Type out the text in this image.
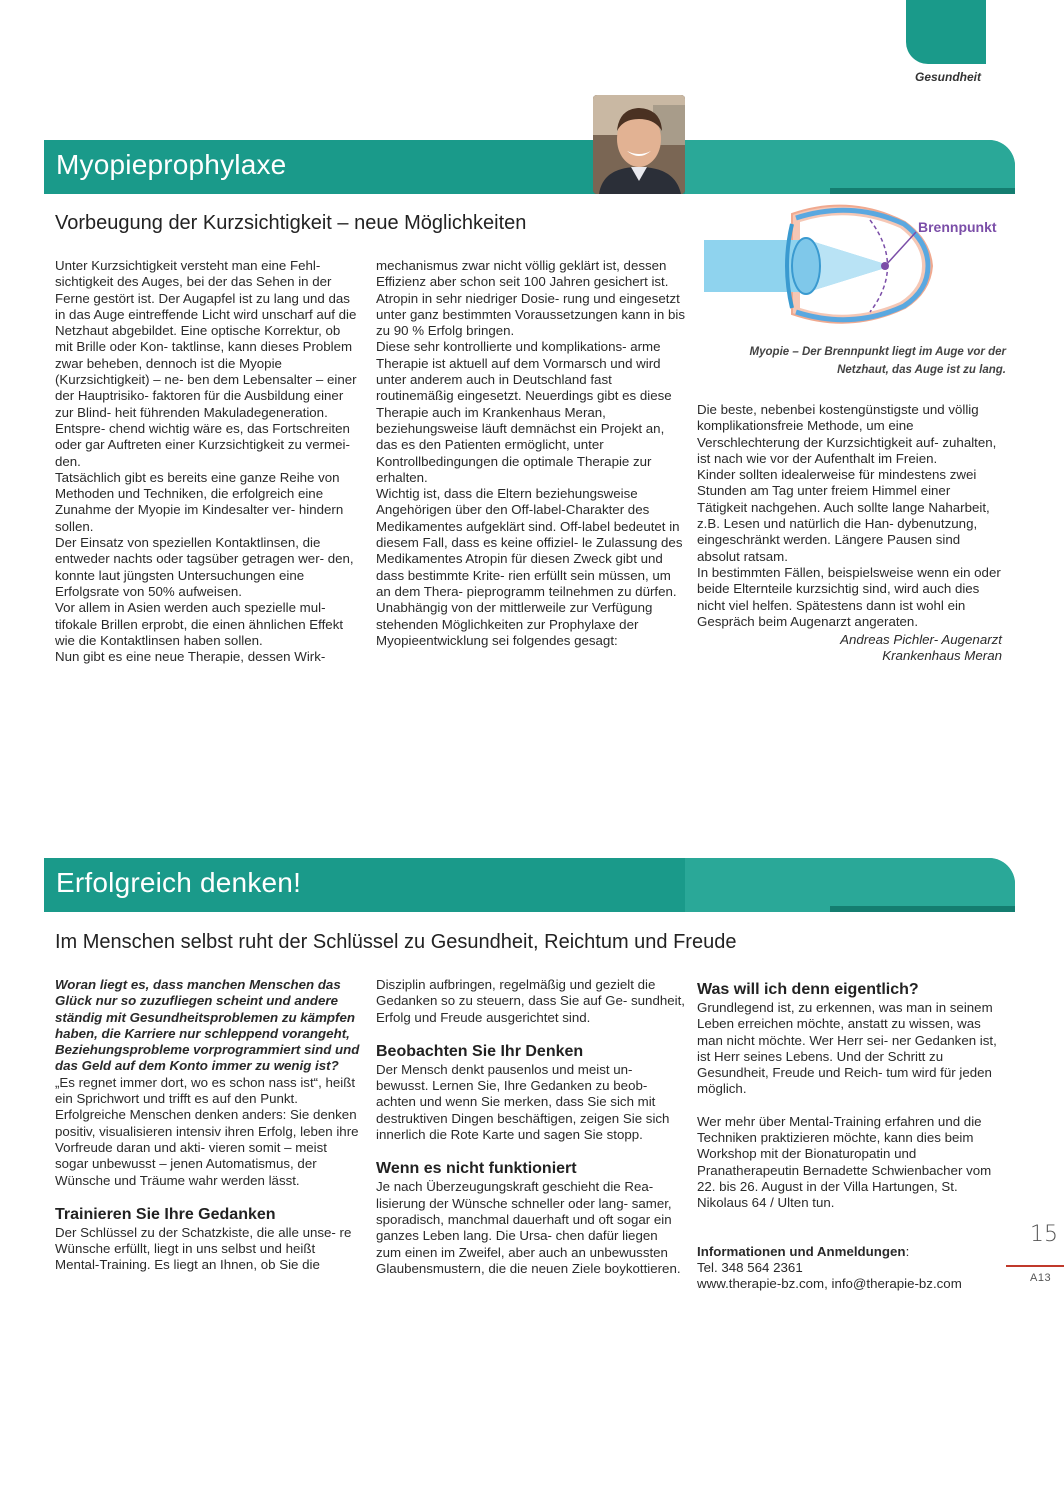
Gesundheit
Myopieprophylaxe
Vorbeugung der Kurzsichtigkeit – neue Möglichkeiten

Unter Kurzsichtigkeit versteht man eine Fehl- sichtigkeit des Auges, bei der das Sehen in der Ferne gestört ist. Der Augapfel ist zu lang und das in das Auge eintreffende Licht wird unscharf auf die Netzhaut abgebildet. Eine optische Korrektur, ob mit Brille oder Kon- taktlinse, kann dieses Problem zwar beheben, dennoch ist die Myopie (Kurzsichtigkeit) – ne- ben dem Lebensalter – einer der Hauptrisiko- faktoren für die Ausbildung einer zur Blind- heit führenden Makuladegeneration. Entspre- chend wichtig wäre es, das Fortschreiten oder gar Auftreten einer Kurzsichtigkeit zu vermei- den.

Tatsächlich gibt es bereits eine ganze Reihe von Methoden und Techniken, die erfolgreich eine Zunahme der Myopie im Kindesalter ver- hindern sollen.

Der Einsatz von speziellen Kontaktlinsen, die entweder nachts oder tagsüber getragen wer- den, konnte laut jüngsten Untersuchungen eine Erfolgsrate von 50% aufweisen.

Vor allem in Asien werden auch spezielle mul- tifokale Brillen erprobt, die einen ähnlichen Effekt wie die Kontaktlinsen haben sollen.

Nun gibt es eine neue Therapie, dessen Wirk-

mechanismus zwar nicht völlig geklärt ist, dessen Effizienz aber schon seit 100 Jahren gesichert ist. Atropin in sehr niedriger Dosie- rung und eingesetzt unter ganz bestimmten Voraussetzungen kann in bis zu 90 % Erfolg bringen.

Diese sehr kontrollierte und komplikations- arme Therapie ist aktuell auf dem Vormarsch und wird unter anderem auch in Deutschland fast routinemäßig eingesetzt. Neuerdings gibt es diese Therapie auch im Krankenhaus Meran, beziehungsweise läuft demnächst ein Projekt an, das es den Patienten ermöglicht, unter Kontrollbedingungen die optimale Therapie zur erhalten.

Wichtig ist, dass die Eltern beziehungsweise Angehörigen über den Off-label-Charakter des Medikamentes aufgeklärt sind. Off-label bedeutet in diesem Fall, dass es keine offiziel- le Zulassung des Medikamentes Atropin für diesen Zweck gibt und dass bestimmte Krite- rien erfüllt sein müssen, um an dem Thera- pieprogramm teilnehmen zu dürfen.

Unabhängig von der mittlerweile zur Verfügung stehenden Möglichkeiten zur Prophylaxe der Myopieentwicklung sei folgendes gesagt:

Brennpunkt
Myopie – Der Brennpunkt liegt im Auge vor der Netzhaut, das Auge ist zu lang.

Die beste, nebenbei kostengünstigste und völlig komplikationsfreie Methode, um eine Verschlechterung der Kurzsichtigkeit auf- zuhalten, ist nach wie vor der Aufenthalt im Freien.

Kinder sollten idealerweise für mindestens zwei Stunden am Tag unter freiem Himmel einer Tätigkeit nachgehen. Auch sollte lange Naharbeit, z.B. Lesen und natürlich die Han- dybenutzung, eingeschränkt werden. Längere Pausen sind absolut ratsam.

In bestimmten Fällen, beispielsweise wenn ein oder beide Elternteile kurzsichtig sind, wird auch dies nicht viel helfen. Spätestens dann ist wohl ein Gespräch beim Augenarzt angeraten.

Andreas Pichler- Augenarzt

Krankenhaus Meran

Erfolgreich denken!
Im Menschen selbst ruht der Schlüssel zu Gesundheit, Reichtum und Freude

Woran liegt es, dass manchen Menschen das Glück nur so zuzufliegen scheint und andere ständig mit Gesundheitsproblemen zu kämpfen haben, die Karriere nur schleppend vorangeht, Beziehungsprobleme vorprogrammiert sind und das Geld auf dem Konto immer zu wenig ist?

„Es regnet immer dort, wo es schon nass ist“, heißt ein Sprichwort und trifft es auf den Punkt. Erfolgreiche Menschen denken anders: Sie denken positiv, visualisieren intensiv ihren Erfolg, leben ihre Vorfreude daran und akti- vieren somit – meist sogar unbewusst – jenen Automatismus, der Wünsche und Träume wahr werden lässt.

Trainieren Sie Ihre Gedanken

Der Schlüssel zu der Schatzkiste, die alle unse- re Wünsche erfüllt, liegt in uns selbst und heißt Mental-Training. Es liegt an Ihnen, ob Sie die

Disziplin aufbringen, regelmäßig und gezielt die Gedanken so zu steuern, dass Sie auf Ge- sundheit, Erfolg und Freude ausgerichtet sind.

Beobachten Sie Ihr Denken

Der Mensch denkt pausenlos und meist un- bewusst. Lernen Sie, Ihre Gedanken zu beob- achten und wenn Sie merken, dass Sie sich mit destruktiven Dingen beschäftigen, zeigen Sie sich innerlich die Rote Karte und sagen Sie stopp.

Wenn es nicht funktioniert

Je nach Überzeugungskraft geschieht die Rea- lisierung der Wünsche schneller oder lang- samer, sporadisch, manchmal dauerhaft und oft sogar ein ganzes Leben lang. Die Ursa- chen dafür liegen zum einen im Zweifel, aber auch an unbewussten Glaubensmustern, die die neuen Ziele boykottieren.

Was will ich denn eigentlich?

Grundlegend ist, zu erkennen, was man in seinem Leben erreichen möchte, anstatt zu wissen, was man nicht möchte. Wer Herr sei- ner Gedanken ist, ist Herr seines Lebens. Und der Schritt zu Gesundheit, Freude und Reich- tum wird für jeden möglich.

Wer mehr über Mental-Training erfahren und die Techniken praktizieren möchte, kann dies beim Workshop mit der Bionaturopatin und Pranatherapeutin Bernadette Schwienbacher vom 22. bis 26. August in der Villa Hartungen, St. Nikolaus 64 / Ulten tun.

Informationen und Anmeldungen:

Tel. 348 564 2361

www.therapie-bz.com, info@therapie-bz.com

15
A13
